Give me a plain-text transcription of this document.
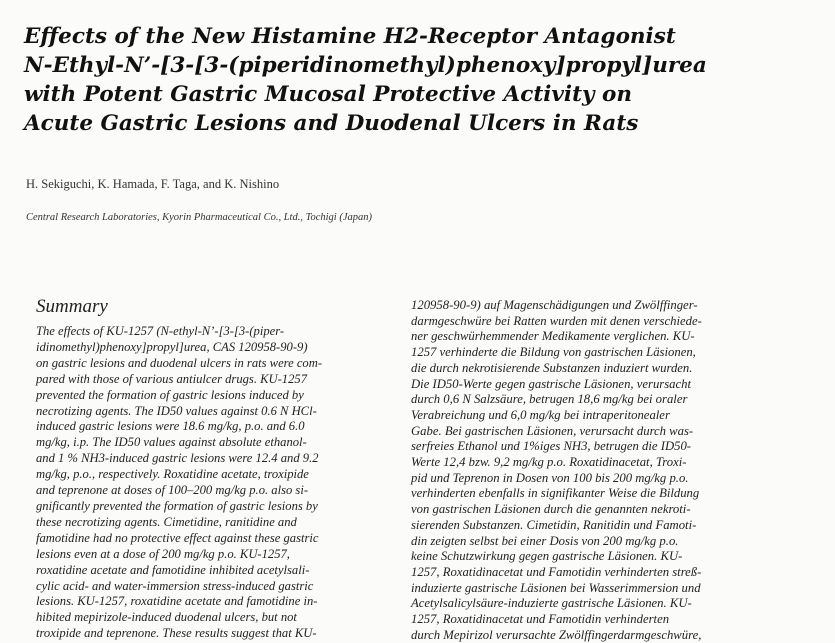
Effects of the New Histamine H2-Receptor Antagonist
N-Ethyl-N’-[3-[3-(piperidinomethyl)phenoxy]propyl]urea
with Potent Gastric Mucosal Protective Activity on
Acute Gastric Lesions and Duodenal Ulcers in Rats
H. Sekiguchi, K. Hamada, F. Taga, and K. Nishino
Central Research Laboratories, Kyorin Pharmaceutical Co., Ltd., Tochigi (Japan)
Summary
The effects of KU-1257 (N-ethyl-N’-[3-[3-(piper-
idinomethyl)phenoxy]propyl]urea, CAS 120958-90-9)
on gastric lesions and duodenal ulcers in rats were com-
pared with those of various antiulcer drugs. KU-1257
prevented the formation of gastric lesions induced by
necrotizing agents. The ID50 values against 0.6 N HCl-
induced gastric lesions were 18.6 mg/kg, p.o. and 6.0
mg/kg, i.p. The ID50 values against absolute ethanol-
and 1 % NH3-induced gastric lesions were 12.4 and 9.2
mg/kg, p.o., respectively. Roxatidine acetate, troxipide
and teprenone at doses of 100–200 mg/kg p.o. also si-
gnificantly prevented the formation of gastric lesions by
these necrotizing agents. Cimetidine, ranitidine and
famotidine had no protective effect against these gastric
lesions even at a dose of 200 mg/kg p.o. KU-1257,
roxatidine acetate and famotidine inhibited acetylsali-
cylic acid- and water-immersion stress-induced gastric
lesions. KU-1257, roxatidine acetate and famotidine in-
hibited mepirizole-induced duodenal ulcers, but not
troxipide and teprenone. These results suggest that KU-
120958-90-9) auf Magenschädigungen und Zwölffinger-
darmgeschwüre bei Ratten wurden mit denen verschiede-
ner geschwürhemmender Medikamente verglichen. KU-
1257 verhinderte die Bildung von gastrischen Läsionen,
die durch nekrotisierende Substanzen induziert wurden.
Die ID50-Werte gegen gastrische Läsionen, verursacht
durch 0,6 N Salzsäure, betrugen 18,6 mg/kg bei oraler
Verabreichung und 6,0 mg/kg bei intraperitonealer
Gabe. Bei gastrischen Läsionen, verursacht durch was-
serfreies Ethanol und 1%iges NH3, betrugen die ID50-
Werte 12,4 bzw. 9,2 mg/kg p.o. Roxatidinacetat, Troxi-
pid und Teprenon in Dosen von 100 bis 200 mg/kg p.o.
verhinderten ebenfalls in signifikanter Weise die Bildung
von gastrischen Läsionen durch die genannten nekroti-
sierenden Substanzen. Cimetidin, Ranitidin und Famoti-
din zeigten selbst bei einer Dosis von 200 mg/kg p.o.
keine Schutzwirkung gegen gastrische Läsionen. KU-
1257, Roxatidinacetat und Famotidin verhinderten streß-
induzierte gastrische Läsionen bei Wasserimmersion und
Acetylsalicylsäure-induzierte gastrische Läsionen. KU-
1257, Roxatidinacetat und Famotidin verhinderten
durch Mepirizol verursachte Zwölffingerdarmgeschwüre,
